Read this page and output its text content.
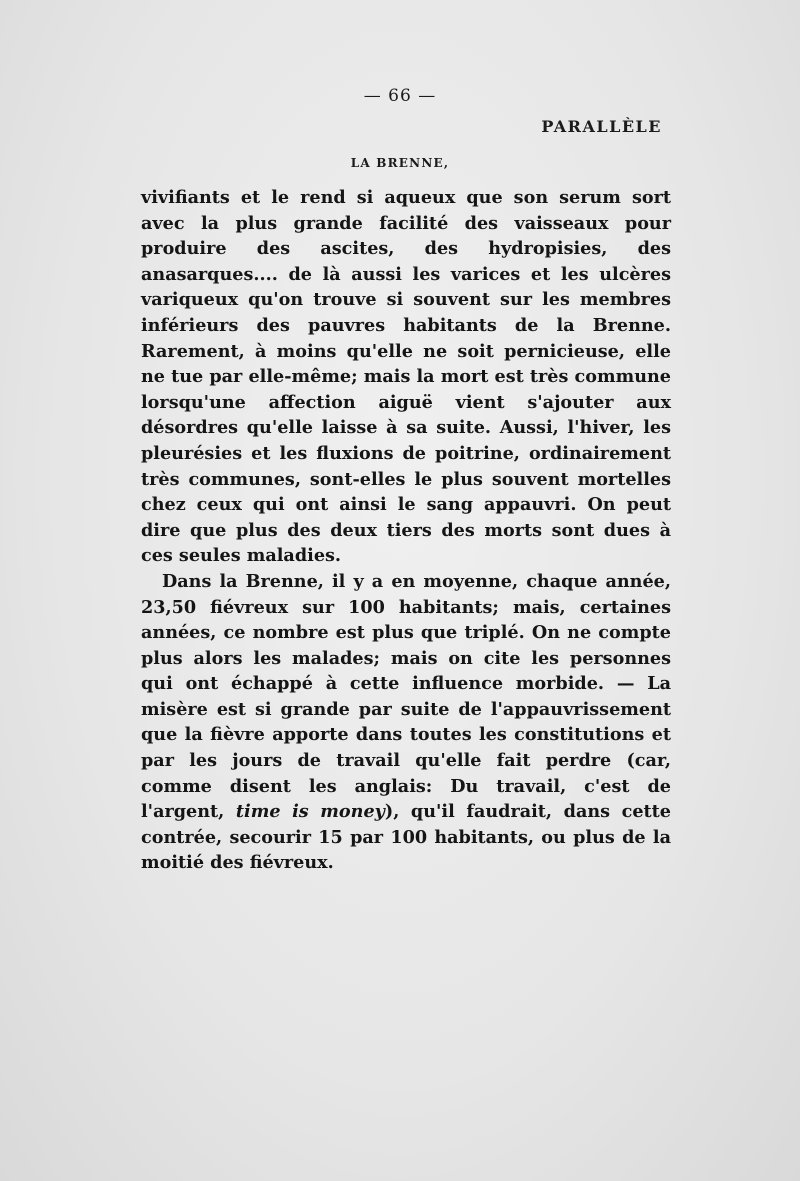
— 66 —
PARALLÈLE
LA BRENNE,

vivifiants et le rend si aqueux que son serum sort avec la plus grande facilité des vaisseaux pour produire des ascites, des hydropisies, des anasarques.... de là aussi les varices et les ulcères variqueux qu'on trouve si souvent sur les membres inférieurs des pauvres habitants de la Brenne. Rarement, à moins qu'elle ne soit pernicieuse, elle ne tue par elle-même; mais la mort est très commune lorsqu'une affection aiguë vient s'ajouter aux désordres qu'elle laisse à sa suite. Aussi, l'hiver, les pleurésies et les fluxions de poitrine, ordinairement très communes, sont-elles le plus souvent mortelles chez ceux qui ont ainsi le sang appauvri. On peut dire que plus des deux tiers des morts sont dues à ces seules maladies.

Dans la Brenne, il y a en moyenne, chaque année, 23,50 fiévreux sur 100 habitants; mais, certaines années, ce nombre est plus que triplé. On ne compte plus alors les malades; mais on cite les personnes qui ont échappé à cette influence morbide. — La misère est si grande par suite de l'appauvrissement que la fièvre apporte dans toutes les constitutions et par les jours de travail qu'elle fait perdre (car, comme disent les anglais: Du travail, c'est de l'argent, time is money), qu'il faudrait, dans cette contrée, secourir 15 par 100 habitants, ou plus de la moitié des fiévreux.
